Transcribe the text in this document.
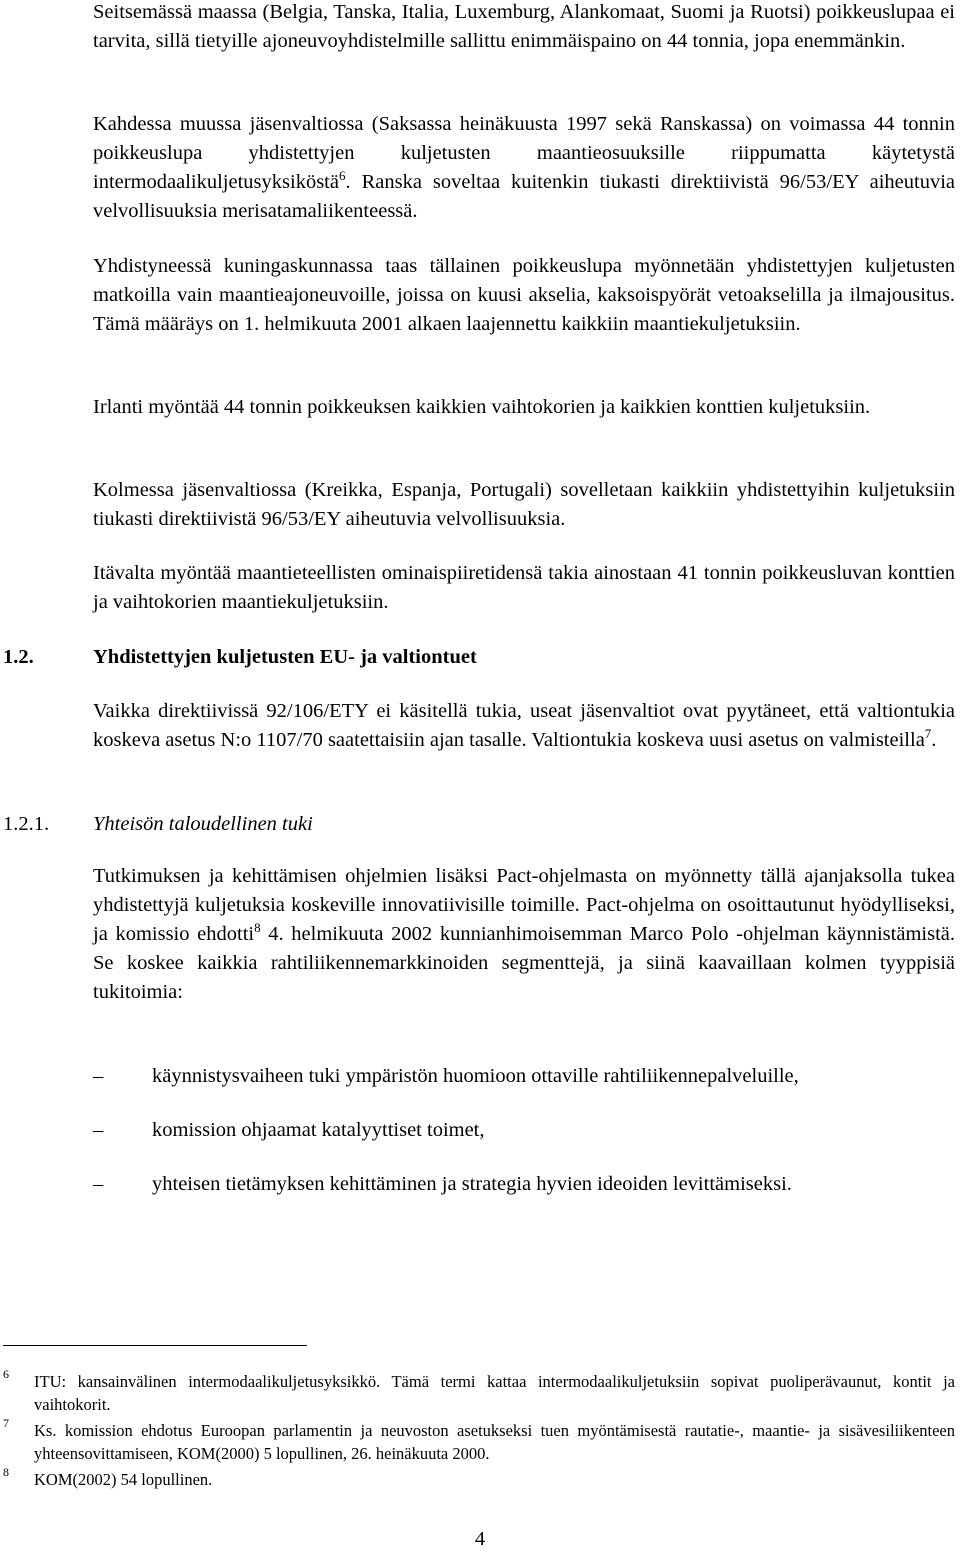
Seitsemässä maassa (Belgia, Tanska, Italia, Luxemburg, Alankomaat, Suomi ja Ruotsi) poikkeuslupaa ei tarvita, sillä tietyille ajoneuvoyhdistelmille sallittu enimmäispaino on 44 tonnia, jopa enemmänkin.

Kahdessa muussa jäsenvaltiossa (Saksassa heinäkuusta 1997 sekä Ranskassa) on voimassa 44 tonnin poikkeuslupa yhdistettyjen kuljetusten maantieosuuksille riippumatta käytetystä intermodaalikuljetusyksiköstä$^6$. Ranska soveltaa kuitenkin tiukasti direktiivistä 96/53/EY aiheutuvia velvollisuuksia merisatamaliikenteessä.

Yhdistyneessä kuningaskunnassa taas tällainen poikkeuslupa myönnetään yhdistettyjen kuljetusten matkoilla vain maantieajoneuvoille, joissa on kuusi akselia, kaksoispyörät vetoakselilla ja ilmajousitus. Tämä määräys on 1. helmikuuta 2001 alkaen laajennettu kaikkiin maantiekuljetuksiin.

Irlanti myöntää 44 tonnin poikkeuksen kaikkien vaihtokorien ja kaikkien konttien kuljetuksiin.

Kolmessa jäsenvaltiossa (Kreikka, Espanja, Portugali) sovelletaan kaikkiin yhdistettyihin kuljetuksiin tiukasti direktiivistä 96/53/EY aiheutuvia velvollisuuksia.

Itävalta myöntää maantieteellisten ominaispiiretidensä takia ainostaan 41 tonnin poikkeusluvan konttien ja vaihtokorien maantiekuljetuksiin.

1.2.	Yhdistettyjen kuljetusten EU- ja valtiontuet

Vaikka direktiivissä 92/106/ETY ei käsitellä tukia, useat jäsenvaltiot ovat pyytäneet, että valtiontukia koskeva asetus N:o 1107/70 saatettaisiin ajan tasalle. Valtiontukia koskeva uusi asetus on valmisteilla$^7$.

1.2.1. Yhteisön taloudellinen tuki

Tutkimuksen ja kehittämisen ohjelmien lisäksi Pact-ohjelmasta on myönnetty tällä ajanjaksolla tukea yhdistettyjä kuljetuksia koskeville innovatiivisille toimille. Pact-ohjelma on osoittautunut hyödylliseksi, ja komissio ehdotti$^8$ 4. helmikuuta 2002 kunnianhimoisemman Marco Polo -ohjelman käynnistämistä. Se koskee kaikkia rahtiliikennemarkkinoiden segmenttejä, ja siinä kaavaillaan kolmen tyyppisiä tukitoimia:

– käynnistysvaiheen tuki ympäristön huomioon ottaville rahtiliikennepalveluille,
– komission ohjaamat katalyyttiset toimet,
– yhteisen tietämyksen kehittäminen ja strategia hyvien ideoiden levittämiseksi.
6 ITU: kansainvälinen intermodaalikuljetusyksikkö. Tämä termi kattaa intermodaalikuljetuksiin sopivat puoliperävaunut, kontit ja vaihtokorit.
7 Ks. komission ehdotus Euroopan parlamentin ja neuvoston asetukseksi tuen myöntämisestä rautatie-, maantie- ja sisävesiliikenteen yhteensovittamiseen, KOM(2000) 5 lopullinen, 26. heinäkuuta 2000.
8 KOM(2002) 54 lopullinen.
4
